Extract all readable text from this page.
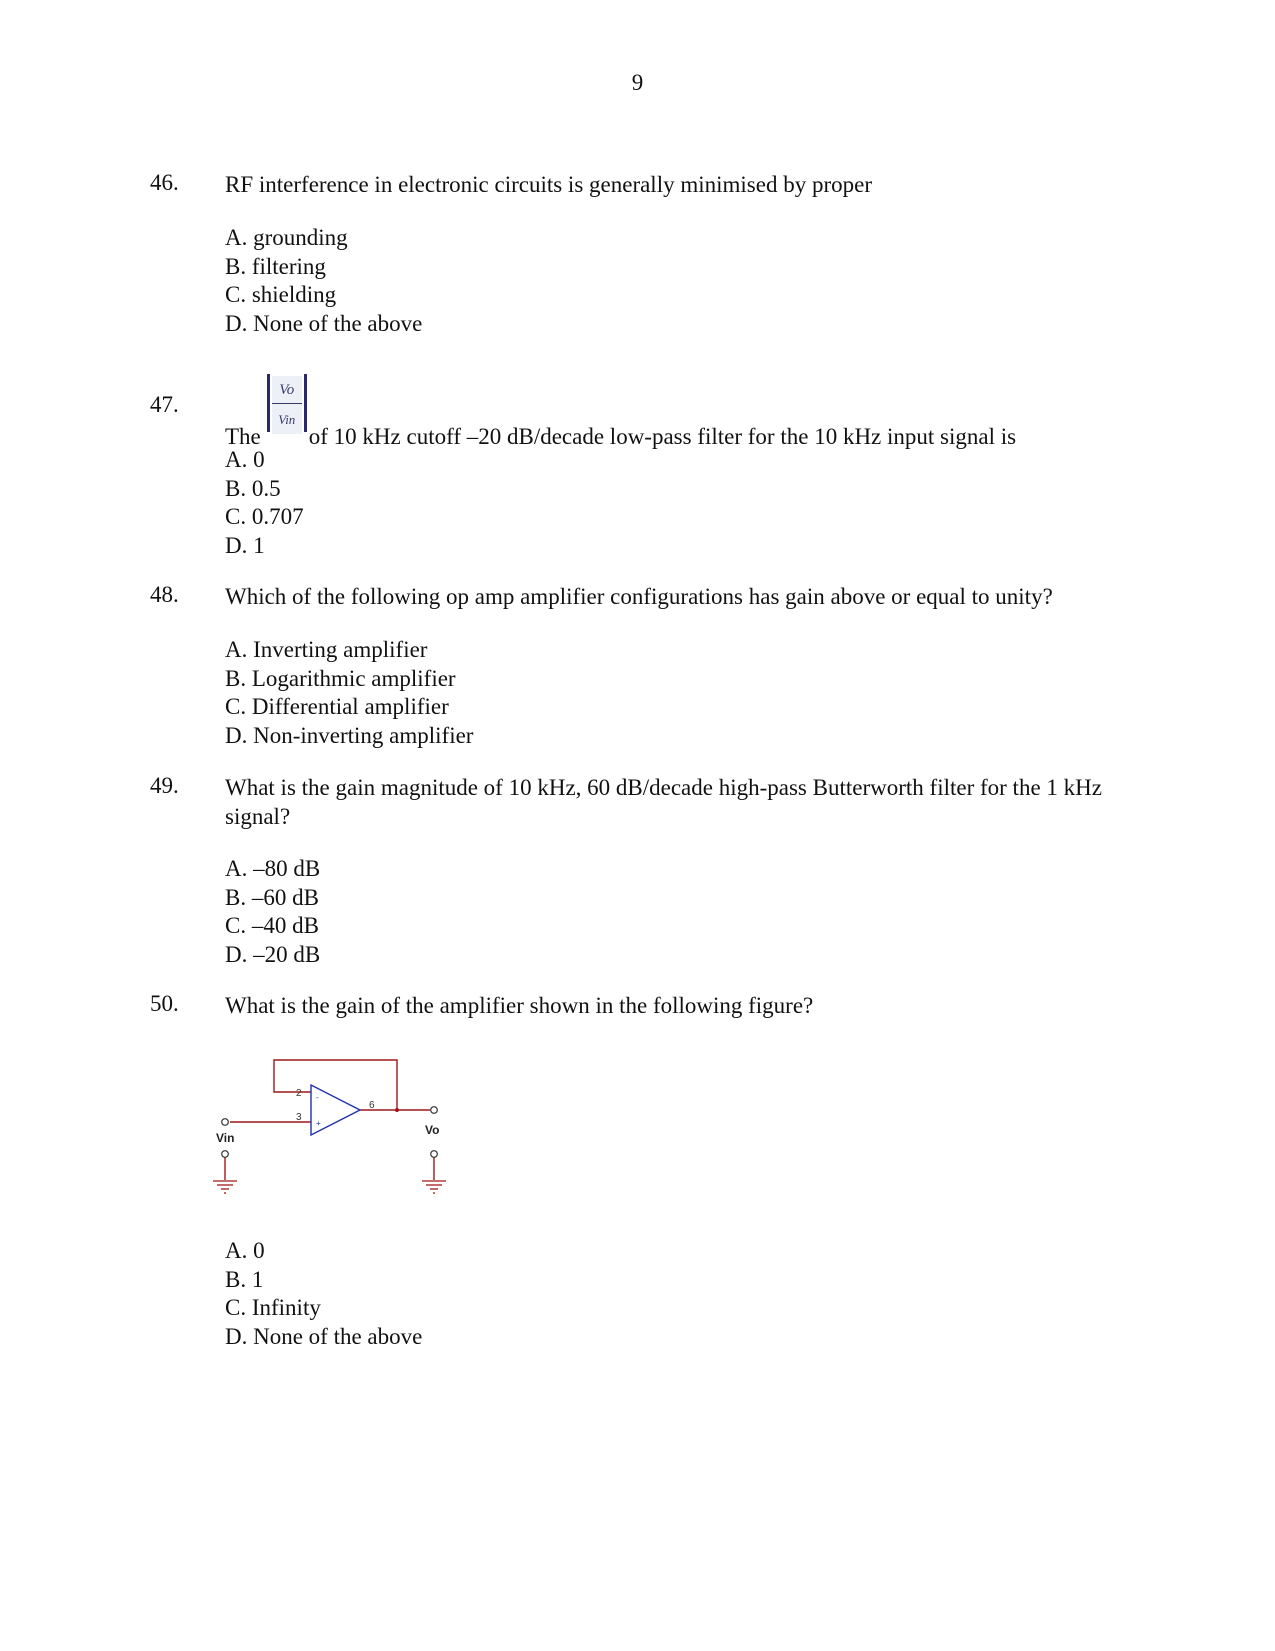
9
46. RF interference in electronic circuits is generally minimised by proper
A. grounding
B. filtering
C. shielding
D. None of the above
47.
The
$\frac{Vo}{\text{Vin}}$
of 10 kHz cutoff –20 dB/decade low-pass filter for the 10 kHz input signal is
A. 0
B. 0.5
C. 0.707
D. 1
48. Which of the following op amp amplifier configurations has gain above or equal to unity?
A. Inverting amplifier
B. Logarithmic amplifier
C. Differential amplifier
D. Non-inverting amplifier
49. What is the gain magnitude of 10 kHz, 60 dB/decade high-pass Butterworth filter for the 1 kHz signal?
A. –80 dB
B. –60 dB
C. –40 dB
D. –20 dB
50. What is the gain of the amplifier shown in the following figure?
A. 0
B. 1
C. Infinity
D. None of the above
2
3
6
-
+
Vin
Vo
